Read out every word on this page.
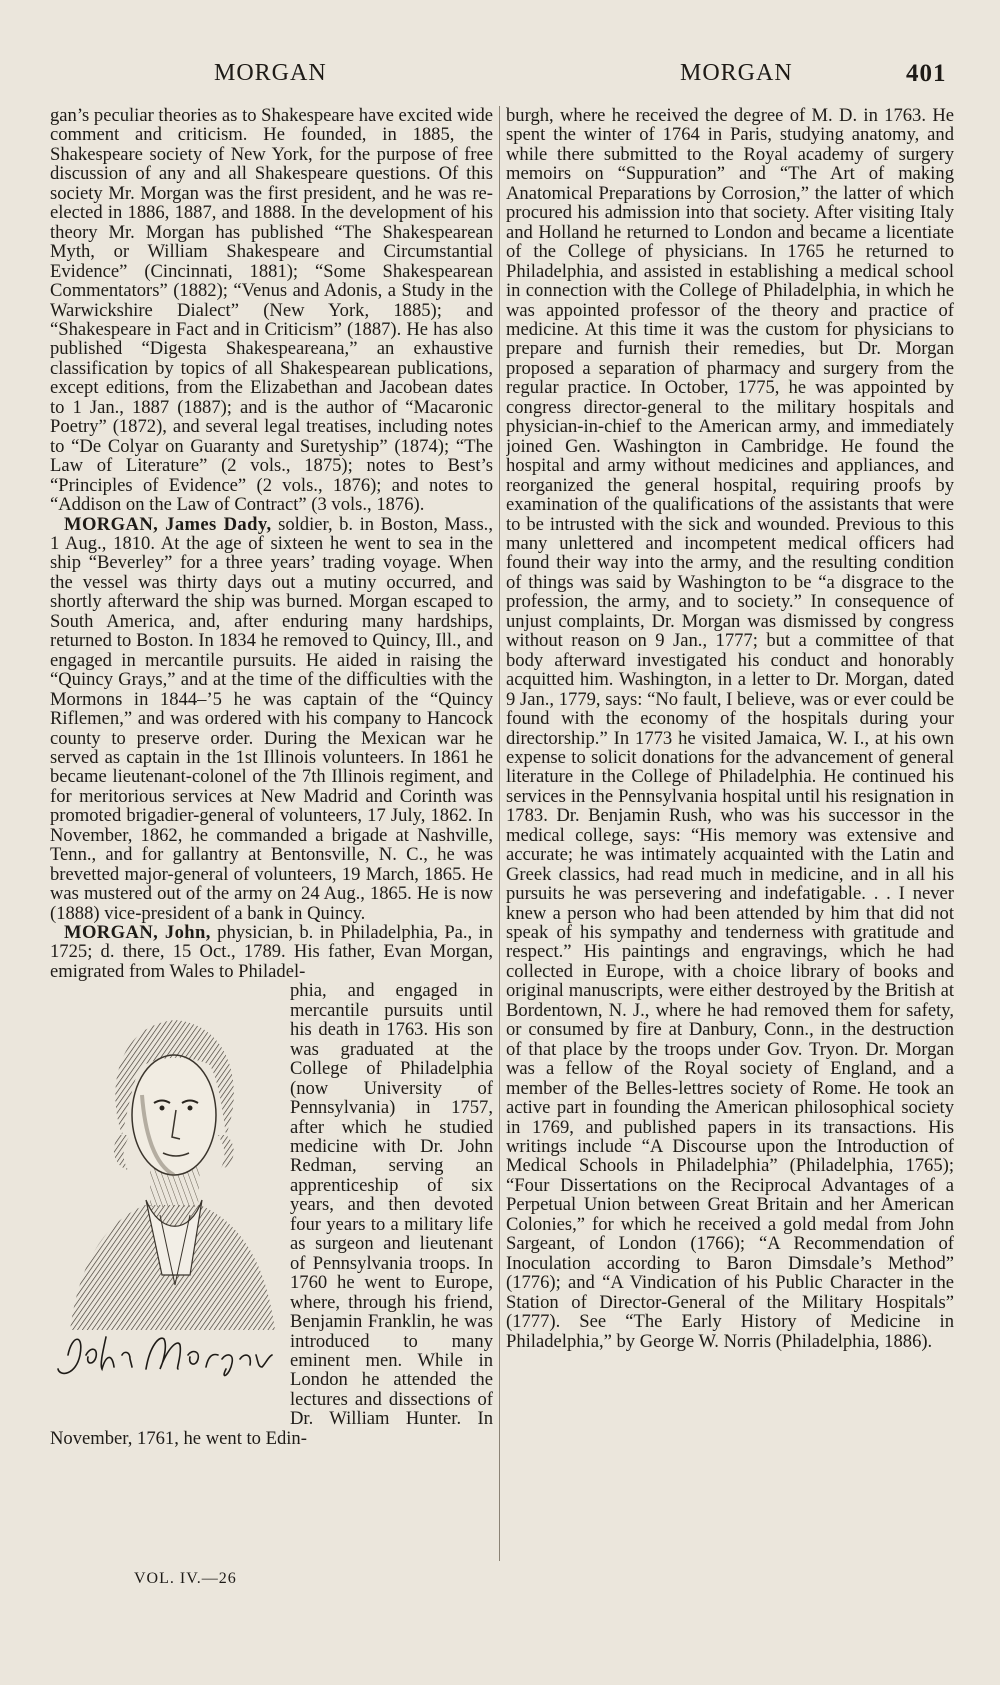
MORGAN	MORGAN	401

gan’s peculiar theories as to Shakespeare have excited wide comment and criticism. He founded, in 1885, the Shakespeare society of New York, for the purpose of free discussion of any and all Shakespeare questions. Of this society Mr. Morgan was the first president, and he was re-elected in 1886, 1887, and 1888. In the development of his theory Mr. Morgan has published “The Shakespearean Myth, or William Shakespeare and Circumstantial Evidence” (Cincinnati, 1881); “Some Shakespearean Commentators” (1882); “Venus and Adonis, a Study in the Warwickshire Dialect” (New York, 1885); and “Shakespeare in Fact and in Criticism” (1887). He has also published “Digesta Shakespeareana,” an exhaustive classification by topics of all Shakespearean publications, except editions, from the Elizabethan and Jacobean dates to 1 Jan., 1887 (1887); and is the author of “Macaronic Poetry” (1872), and several legal treatises, including notes to “De Colyar on Guaranty and Suretyship” (1874); “The Law of Literature” (2 vols., 1875); notes to Best’s “Principles of Evidence” (2 vols., 1876); and notes to “Addison on the Law of Contract” (3 vols., 1876).

MORGAN, James Dady, soldier, b. in Boston, Mass., 1 Aug., 1810. At the age of sixteen he went to sea in the ship “Beverley” for a three years’ trading voyage. When the vessel was thirty days out a mutiny occurred, and shortly afterward the ship was burned. Morgan escaped to South America, and, after enduring many hardships, returned to Boston. In 1834 he removed to Quincy, Ill., and engaged in mercantile pursuits. He aided in raising the “Quincy Grays,” and at the time of the difficulties with the Mormons in 1844–’5 he was captain of the “Quincy Riflemen,” and was ordered with his company to Hancock county to preserve order. During the Mexican war he served as captain in the 1st Illinois volunteers. In 1861 he became lieutenant-colonel of the 7th Illinois regiment, and for meritorious services at New Madrid and Corinth was promoted brigadier-general of volunteers, 17 July, 1862. In November, 1862, he commanded a brigade at Nashville, Tenn., and for gallantry at Bentonsville, N. C., he was brevetted major-general of volunteers, 19 March, 1865. He was mustered out of the army on 24 Aug., 1865. He is now (1888) vice-president of a bank in Quincy.

MORGAN, John, physician, b. in Philadelphia, Pa., in 1725; d. there, 15 Oct., 1789. His father, Evan Morgan, emigrated from Wales to Philadel-

phia, and engaged in mercantile pursuits until his death in 1763. His son was graduated at the College of Philadelphia (now University of Pennsylvania) in 1757, after which he studied medicine with Dr. John Redman, serving an apprenticeship of six years, and then devoted four years to a military life as surgeon and lieutenant of Pennsylvania troops. In 1760 he went to Europe, where, through his friend, Benjamin Franklin, he was introduced to many eminent men. While in London he attended the lectures and dissections of Dr. William Hunter. In November, 1761, he went to Edin-

burgh, where he received the degree of M. D. in 1763. He spent the winter of 1764 in Paris, studying anatomy, and while there submitted to the Royal academy of surgery memoirs on “Suppuration” and “The Art of making Anatomical Preparations by Corrosion,” the latter of which procured his admission into that society. After visiting Italy and Holland he returned to London and became a licentiate of the College of physicians. In 1765 he returned to Philadelphia, and assisted in establishing a medical school in connection with the College of Philadelphia, in which he was appointed professor of the theory and practice of medicine. At this time it was the custom for physicians to prepare and furnish their remedies, but Dr. Morgan proposed a separation of pharmacy and surgery from the regular practice. In October, 1775, he was appointed by congress director-general to the military hospitals and physician-in-chief to the American army, and immediately joined Gen. Washington in Cambridge. He found the hospital and army without medicines and appliances, and reorganized the general hospital, requiring proofs by examination of the qualifications of the assistants that were to be intrusted with the sick and wounded. Previous to this many unlettered and incompetent medical officers had found their way into the army, and the resulting condition of things was said by Washington to be “a disgrace to the profession, the army, and to society.” In consequence of unjust complaints, Dr. Morgan was dismissed by congress without reason on 9 Jan., 1777; but a committee of that body afterward investigated his conduct and honorably acquitted him. Washington, in a letter to Dr. Morgan, dated 9 Jan., 1779, says: “No fault, I believe, was or ever could be found with the economy of the hospitals during your directorship.” In 1773 he visited Jamaica, W. I., at his own expense to solicit donations for the advancement of general literature in the College of Philadelphia. He continued his services in the Pennsylvania hospital until his resignation in 1783. Dr. Benjamin Rush, who was his successor in the medical college, says: “His memory was extensive and accurate; he was intimately acquainted with the Latin and Greek classics, had read much in medicine, and in all his pursuits he was persevering and indefatigable. . . I never knew a person who had been attended by him that did not speak of his sympathy and tenderness with gratitude and respect.” His paintings and engravings, which he had collected in Europe, with a choice library of books and original manuscripts, were either destroyed by the British at Bordentown, N. J., where he had removed them for safety, or consumed by fire at Danbury, Conn., in the destruction of that place by the troops under Gov. Tryon. Dr. Morgan was a fellow of the Royal society of England, and a member of the Belles-lettres society of Rome. He took an active part in founding the American philosophical society in 1769, and published papers in its transactions. His writings include “A Discourse upon the Introduction of Medical Schools in Philadelphia” (Philadelphia, 1765); “Four Dissertations on the Reciprocal Advantages of a Perpetual Union between Great Britain and her American Colonies,” for which he received a gold medal from John Sargeant, of London (1766); “A Recommendation of Inoculation according to Baron Dimsdale’s Method” (1776); and “A Vindication of his Public Character in the Station of Director-General of the Military Hospitals” (1777). See “The Early History of Medicine in Philadelphia,” by George W. Norris (Philadelphia, 1886).

VOL. IV.—26
